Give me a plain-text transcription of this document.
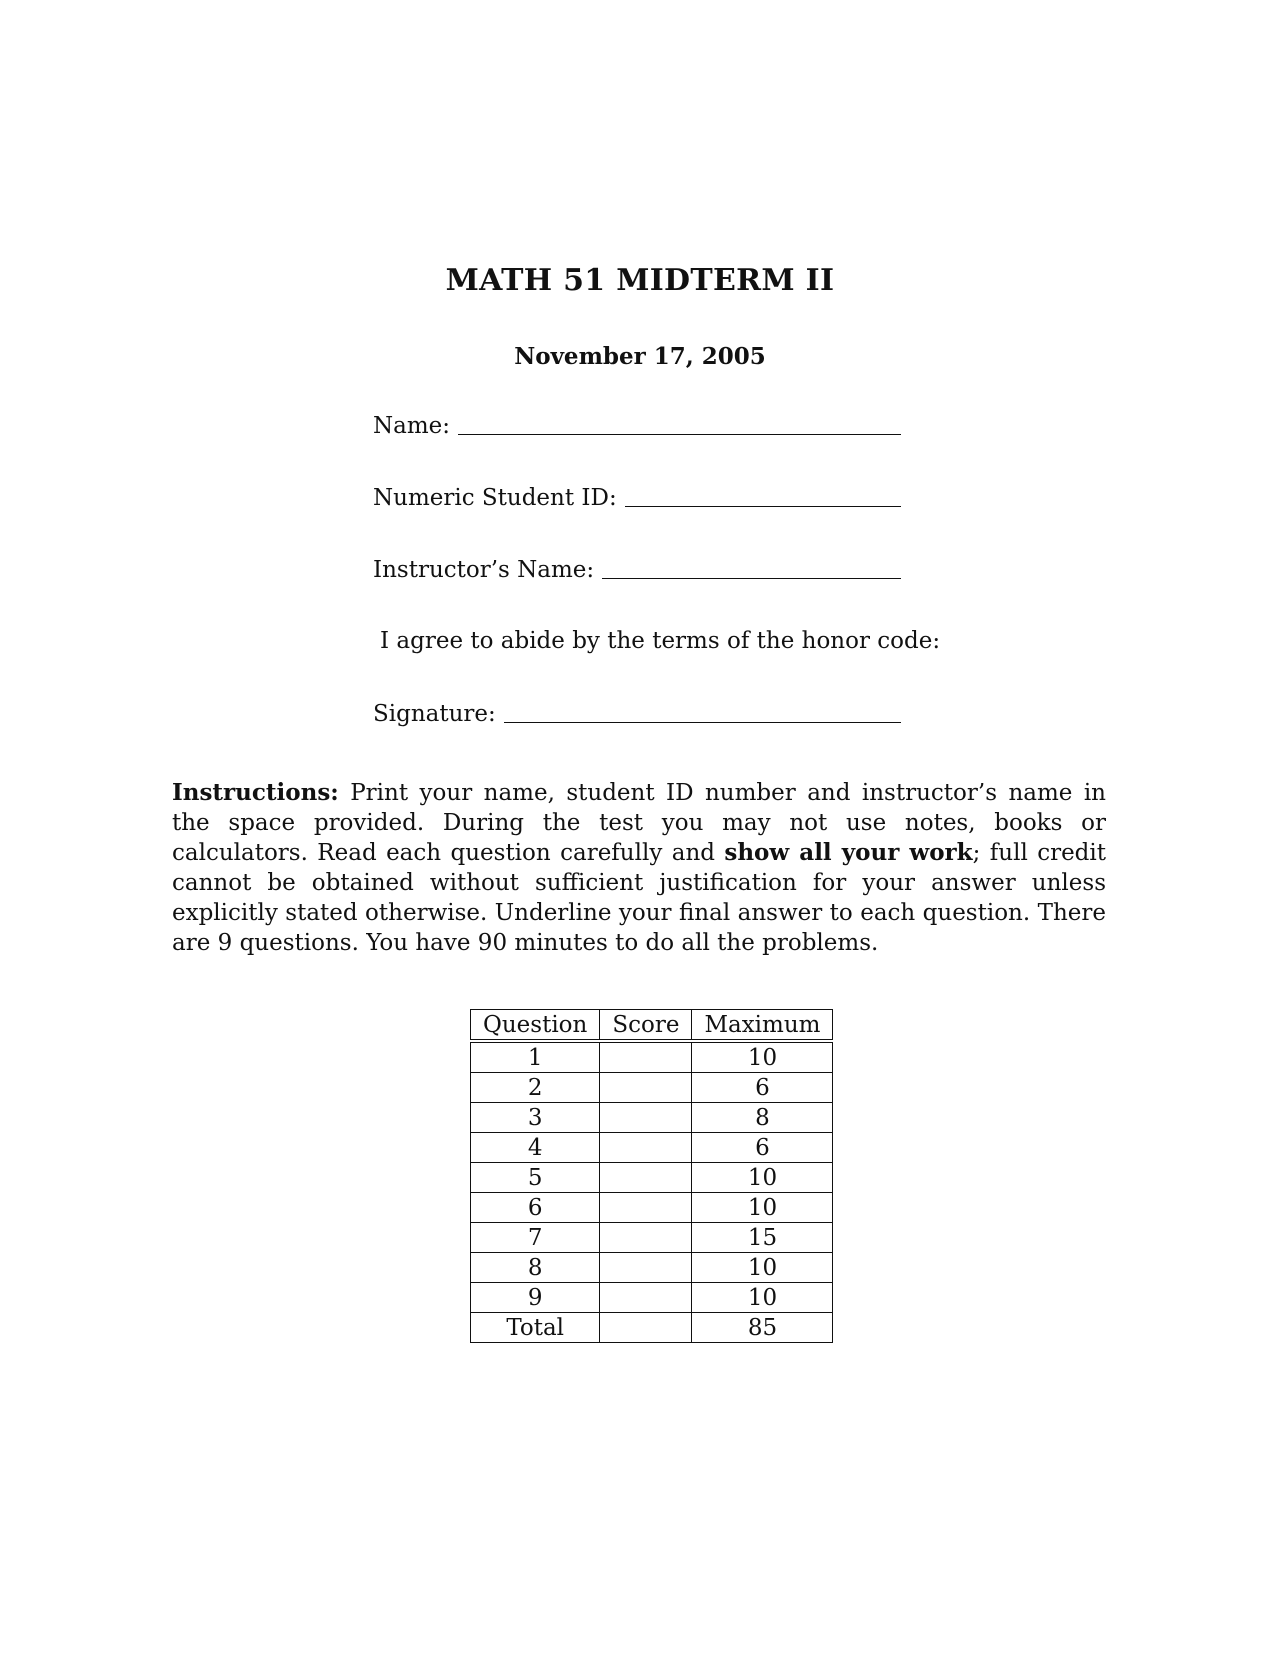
MATH 51 MIDTERM II
November 17, 2005
Name:
Numeric Student ID:
Instructor’s Name:
I agree to abide by the terms of the honor code:
Signature:

Instructions: Print your name, student ID number and instructor’s name in the space provided. During the test you may not use notes, books or calculators. Read each question carefully and show all your work; full credit cannot be obtained without sufficient justification for your answer unless explicitly stated otherwise. Underline your final answer to each question. There are 9 questions. You have 90 minutes to do all the problems.

Question	Score	Maximum
1		10
2		6
3		8
4		6
5		10
6		10
7		15
8		10
9		10
Total		85
